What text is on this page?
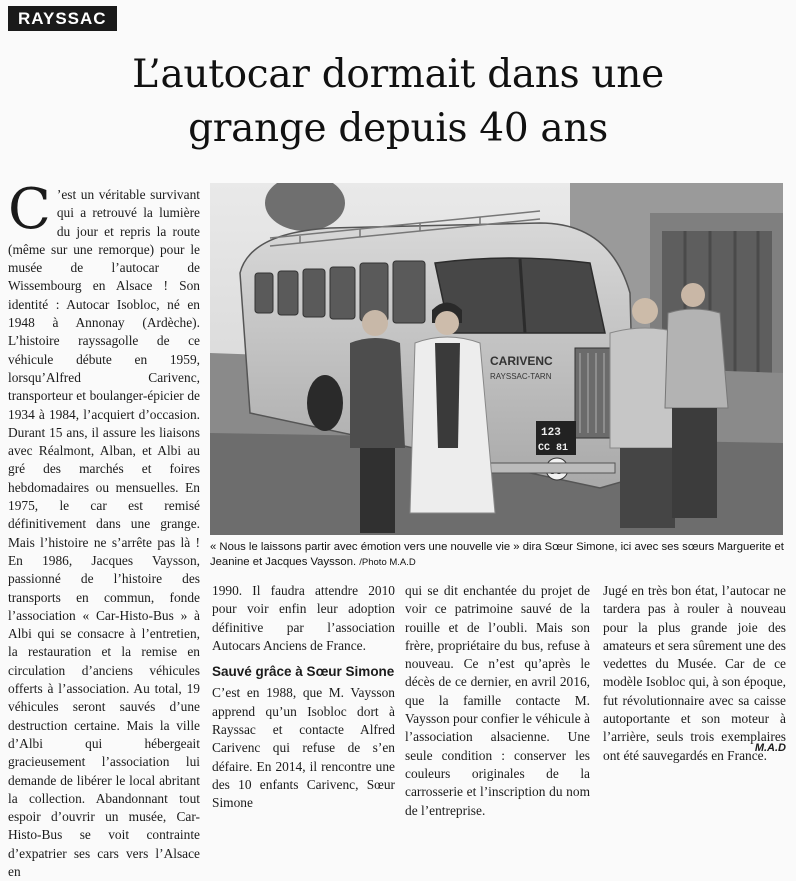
RAYSSAC
L’autocar dormait dans une
grange depuis 40 ans

C ’est un véritable survivant qui a retrouvé la lumière du jour et repris la route (même sur une remorque) pour le musée de l’autocar de Wissembourg en Alsace ! Son identité : Autocar Isobloc, né en 1948 à Annonay (Ardèche). L’histoire rayssagolle de ce véhicule débute en 1959, lorsqu’Alfred Carivenc, transporteur et boulanger-épicier de 1934 à 1984, l’acquiert d’occasion. Durant 15 ans, il assure les liaisons avec Réalmont, Alban, et Albi au gré des marchés et foires hebdomadaires ou mensuelles. En 1975, le car est remisé définitivement dans une grange. Mais l’histoire ne s’arrête pas là ! En 1986, Jacques Vaysson, passionné de l’histoire des transports en commun, fonde l’association « Car-Histo-Bus » à Albi qui se consacre à l’entretien, la restauration et la remise en circulation d’anciens véhicules offerts à l’association. Au total, 19 véhicules seront sauvés d’une destruction certaine. Mais la ville d’Albi qui hébergeait gracieusement l’association lui demande de libérer le local abritant la collection. Abandonnant tout espoir d’ouvrir un musée, Car-Histo-Bus se voit contrainte d’expatrier ses cars vers l’Alsace en

CARIVENC
RAYSSAC-TARN
123
CC 81
« Nous le laissons partir avec émotion vers une nouvelle vie » dira Sœur Simone, ici avec ses sœurs Marguerite et Jeanine et Jacques Vaysson. /Photo M.A.D

1990. Il faudra attendre 2010 pour voir enfin leur adoption définitive par l’association Autocars Anciens de France.

Sauvé grâce à Sœur Simone

C’est en 1988, que M. Vaysson apprend qu’un Isobloc dort à Rayssac et contacte Alfred Carivenc qui refuse de s’en défaire. En 2014, il rencontre une des 10 enfants Carivenc, Sœur Simone

qui se dit enchantée du projet de voir ce patrimoine sauvé de la rouille et de l’oubli. Mais son frère, propriétaire du bus, refuse à nouveau. Ce n’est qu’après le décès de ce dernier, en avril 2016, que la famille contacte M. Vaysson pour confier le véhicule à l’association alsacienne. Une seule condition : conserver les couleurs originales de la carrosserie et l’inscription du nom de l’entreprise.

Jugé en très bon état, l’autocar ne tardera pas à rouler à nouveau pour la plus grande joie des amateurs et sera sûrement une des vedettes du Musée. Car de ce modèle Isobloc qui, à son époque, fut révolutionnaire avec sa caisse autoportante et son moteur à l’arrière, seuls trois exemplaires ont été sauvegardés en France.

M.A.D
